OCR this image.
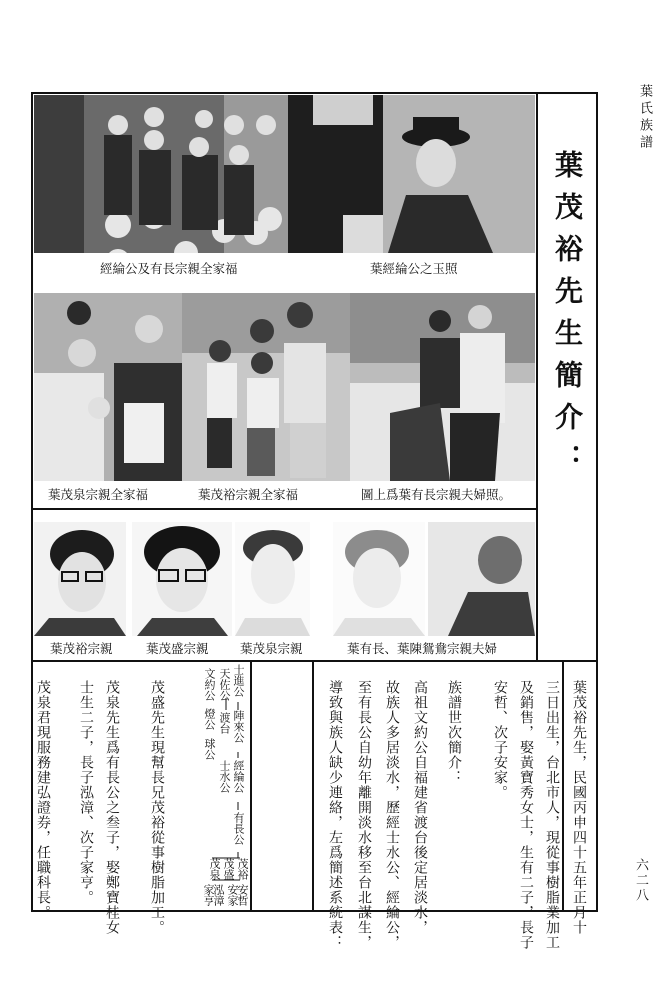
葉氏族譜
六二八
經綸公及有長宗親全家福	葉經綸公之玉照
葉茂泉宗親全家福	葉茂裕宗親全家福	圖上爲葉有長宗親夫婦照。
葉茂裕宗親	葉茂盛宗親	葉茂泉宗親	葉有長、葉陳鴛鴦宗親夫婦
葉茂裕先生簡介：
葉茂裕先生，民國丙申四十五年正月十
三日出生，台北市人，現從事樹脂業加工
及銷售，娶黃寶秀女士，生有二子，長子
安哲、次子安家。
族譜世次簡介：
高祖文約公自福建省渡台後定居淡水，
故族人多居淡水，歷經士水公、經綸公，
至有長公自幼年離開淡水移至台北謀生，
導致與族人缺少連絡，左爲簡述系統表：
文約公 天佐公 士進公
渡台 陣來公
士水公
球公
燈公
經綸公
有長公
茂裕
茂盛
茂泉
安哲
安家
泓漳
家亨
茂盛先生現幫長兄茂裕從事樹脂加工。
茂泉先生爲有長公之叁子，娶鄭寶桂女
士生二子，長子泓漳、次子家亨。
茂泉君現服務建弘證券，任職科長。
